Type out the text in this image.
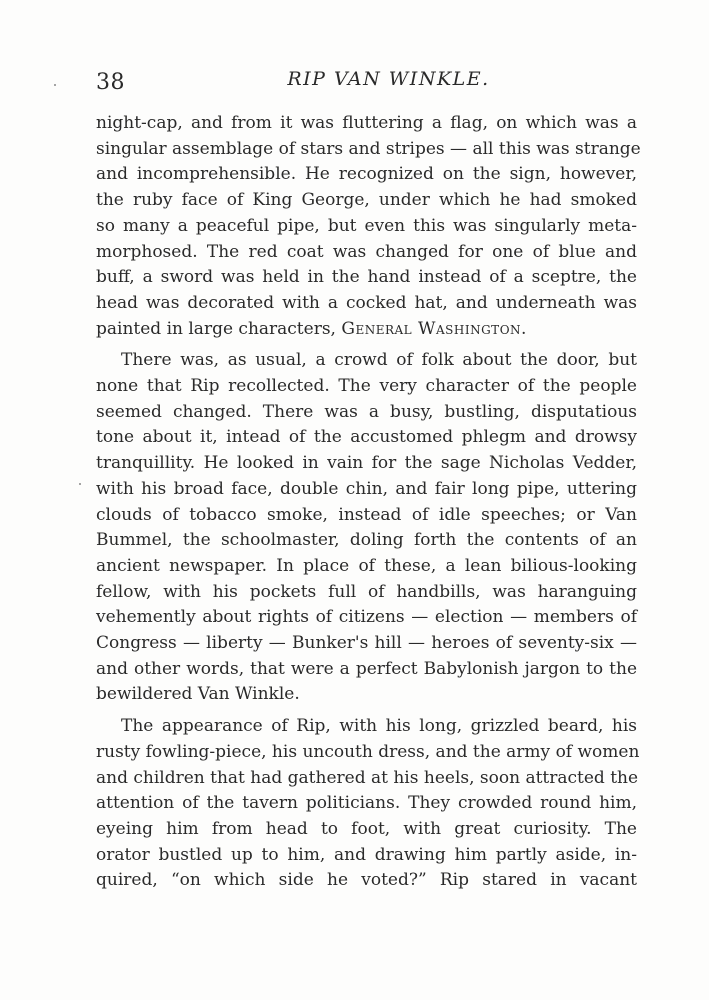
38	RIP VAN WINKLE.

night-cap, and from it was fluttering a flag, on which was a
singular assemblage of stars and stripes — all this was strange
and incomprehensible. He recognized on the sign, however,
the ruby face of King George, under which he had smoked
so many a peaceful pipe, but even this was singularly meta-
morphosed. The red coat was changed for one of blue and
buff, a sword was held in the hand instead of a sceptre, the
head was decorated with a cocked hat, and underneath was
painted in large characters, General Washington.

There was, as usual, a crowd of folk about the door, but
none that Rip recollected. The very character of the people
seemed changed. There was a busy, bustling, disputatious
tone about it, intead of the accustomed phlegm and drowsy
tranquillity. He looked in vain for the sage Nicholas Vedder,
with his broad face, double chin, and fair long pipe, uttering
clouds of tobacco smoke, instead of idle speeches; or Van
Bummel, the schoolmaster, doling forth the contents of an
ancient newspaper. In place of these, a lean bilious-looking
fellow, with his pockets full of handbills, was haranguing
vehemently about rights of citizens — election — members of
Congress — liberty — Bunker's hill — heroes of seventy-six —
and other words, that were a perfect Babylonish jargon to the
bewildered Van Winkle.

The appearance of Rip, with his long, grizzled beard, his
rusty fowling-piece, his uncouth dress, and the army of women
and children that had gathered at his heels, soon attracted the
attention of the tavern politicians. They crowded round him,
eyeing him from head to foot, with great curiosity. The
orator bustled up to him, and drawing him partly aside, in-
quired, “on which side he voted?” Rip stared in vacant
